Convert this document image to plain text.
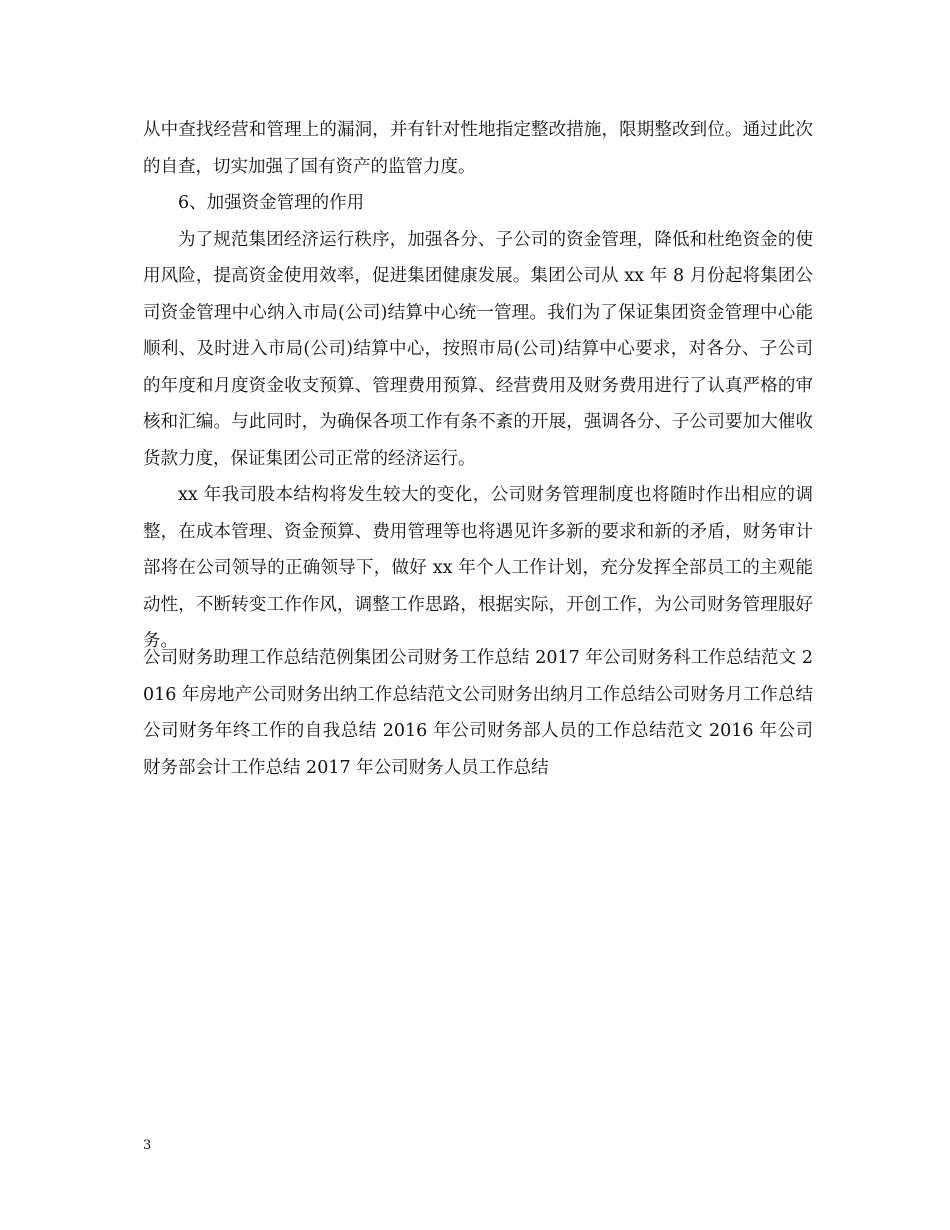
从中查找经营和管理上的漏洞，并有针对性地指定整改措施，限期整改到位。通过此次的自查，切实加强了国有资产的监管力度。

6、加强资金管理的作用

为了规范集团经济运行秩序，加强各分、子公司的资金管理，降低和杜绝资金的使用风险，提高资金使用效率，促进集团健康发展。集团公司从 xx 年 8 月份起将集团公司资金管理中心纳入市局(公司)结算中心统一管理。我们为了保证集团资金管理中心能顺利、及时进入市局(公司)结算中心，按照市局(公司)结算中心要求，对各分、子公司的年度和月度资金收支预算、管理费用预算、经营费用及财务费用进行了认真严格的审核和汇编。与此同时，为确保各项工作有条不紊的开展，强调各分、子公司要加大催收货款力度，保证集团公司正常的经济运行。

xx 年我司股本结构将发生较大的变化，公司财务管理制度也将随时作出相应的调整，在成本管理、资金预算、费用管理等也将遇见许多新的要求和新的矛盾，财务审计部将在公司领导的正确领导下，做好 xx 年个人工作计划，充分发挥全部员工的主观能动性，不断转变工作作风，调整工作思路，根据实际，开创工作，为公司财务管理服好务。

公司财务助理工作总结范例集团公司财务工作总结 2017 年公司财务科工作总结范文 2016 年房地产公司财务出纳工作总结范文公司财务出纳月工作总结公司财务月工作总结公司财务年终工作的自我总结 2016 年公司财务部人员的工作总结范文 2016 年公司财务部会计工作总结 2017 年公司财务人员工作总结

3
